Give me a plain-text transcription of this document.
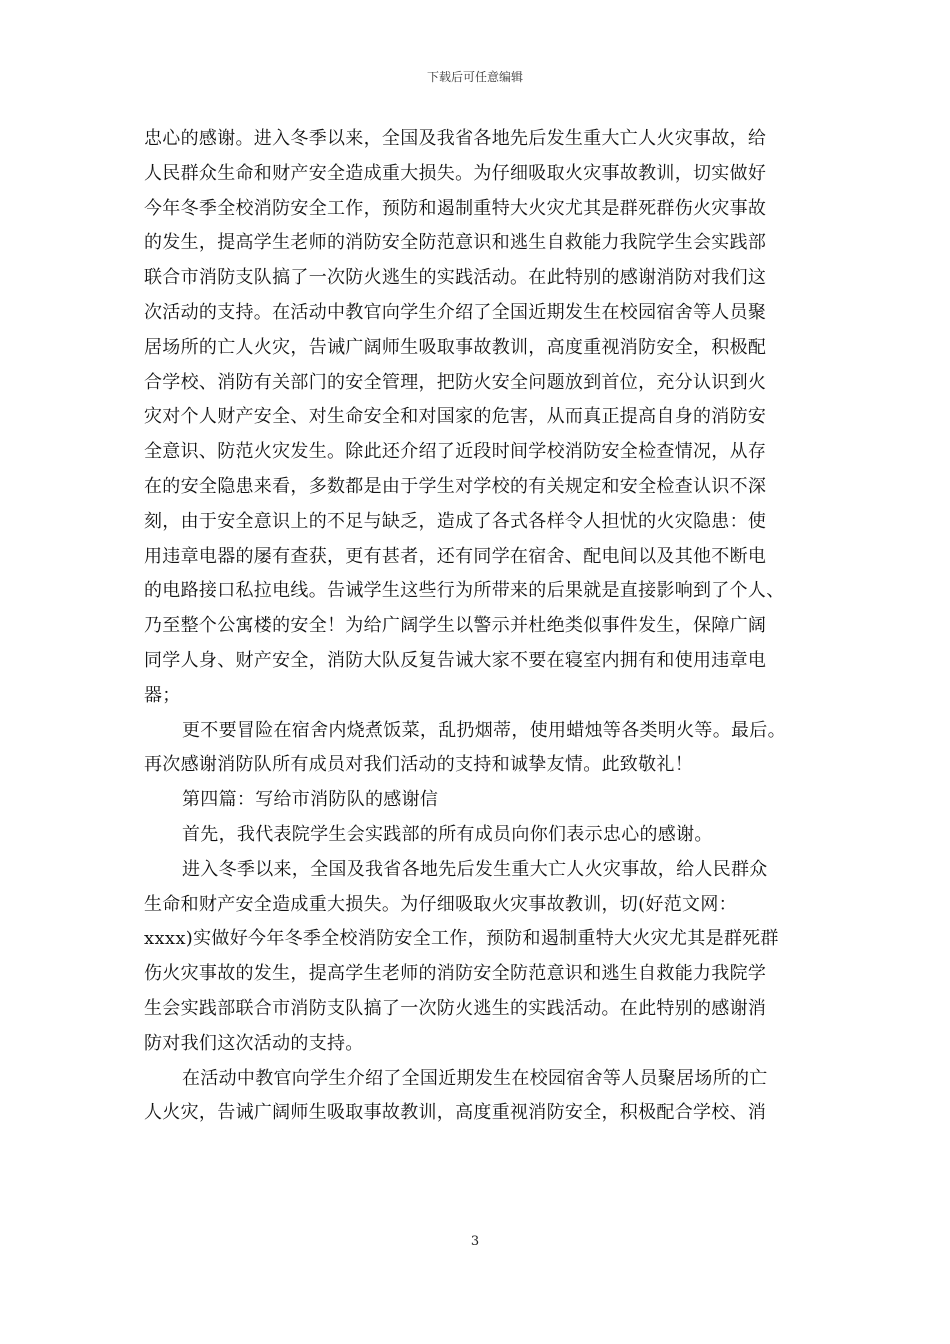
下载后可任意编辑
忠心的感谢。进入冬季以来，全国及我省各地先后发生重大亡人火灾事故，给
人民群众生命和财产安全造成重大损失。为仔细吸取火灾事故教训，切实做好
今年冬季全校消防安全工作，预防和遏制重特大火灾尤其是群死群伤火灾事故
的发生，提高学生老师的消防安全防范意识和逃生自救能力我院学生会实践部
联合市消防支队搞了一次防火逃生的实践活动。在此特别的感谢消防对我们这
次活动的支持。在活动中教官向学生介绍了全国近期发生在校园宿舍等人员聚
居场所的亡人火灾，告诫广阔师生吸取事故教训，高度重视消防安全，积极配
合学校、消防有关部门的安全管理，把防火安全问题放到首位，充分认识到火
灾对个人财产安全、对生命安全和对国家的危害，从而真正提高自身的消防安
全意识、防范火灾发生。除此还介绍了近段时间学校消防安全检查情况，从存
在的安全隐患来看，多数都是由于学生对学校的有关规定和安全检查认识不深
刻，由于安全意识上的不足与缺乏，造成了各式各样令人担忧的火灾隐患：使
用违章电器的屡有查获，更有甚者，还有同学在宿舍、配电间以及其他不断电
的电路接口私拉电线。告诫学生这些行为所带来的后果就是直接影响到了个人、
乃至整个公寓楼的安全！为给广阔学生以警示并杜绝类似事件发生，保障广阔
同学人身、财产安全，消防大队反复告诫大家不要在寝室内拥有和使用违章电
器；
更不要冒险在宿舍内烧煮饭菜，乱扔烟蒂，使用蜡烛等各类明火等。最后。
再次感谢消防队所有成员对我们活动的支持和诚挚友情。此致敬礼！
第四篇：写给市消防队的感谢信
首先，我代表院学生会实践部的所有成员向你们表示忠心的感谢。
进入冬季以来，全国及我省各地先后发生重大亡人火灾事故，给人民群众
生命和财产安全造成重大损失。为仔细吸取火灾事故教训，切(好范文网：
xxxx)实做好今年冬季全校消防安全工作，预防和遏制重特大火灾尤其是群死群
伤火灾事故的发生，提高学生老师的消防安全防范意识和逃生自救能力我院学
生会实践部联合市消防支队搞了一次防火逃生的实践活动。在此特别的感谢消
防对我们这次活动的支持。
在活动中教官向学生介绍了全国近期发生在校园宿舍等人员聚居场所的亡
人火灾，告诫广阔师生吸取事故教训，高度重视消防安全，积极配合学校、消
3
